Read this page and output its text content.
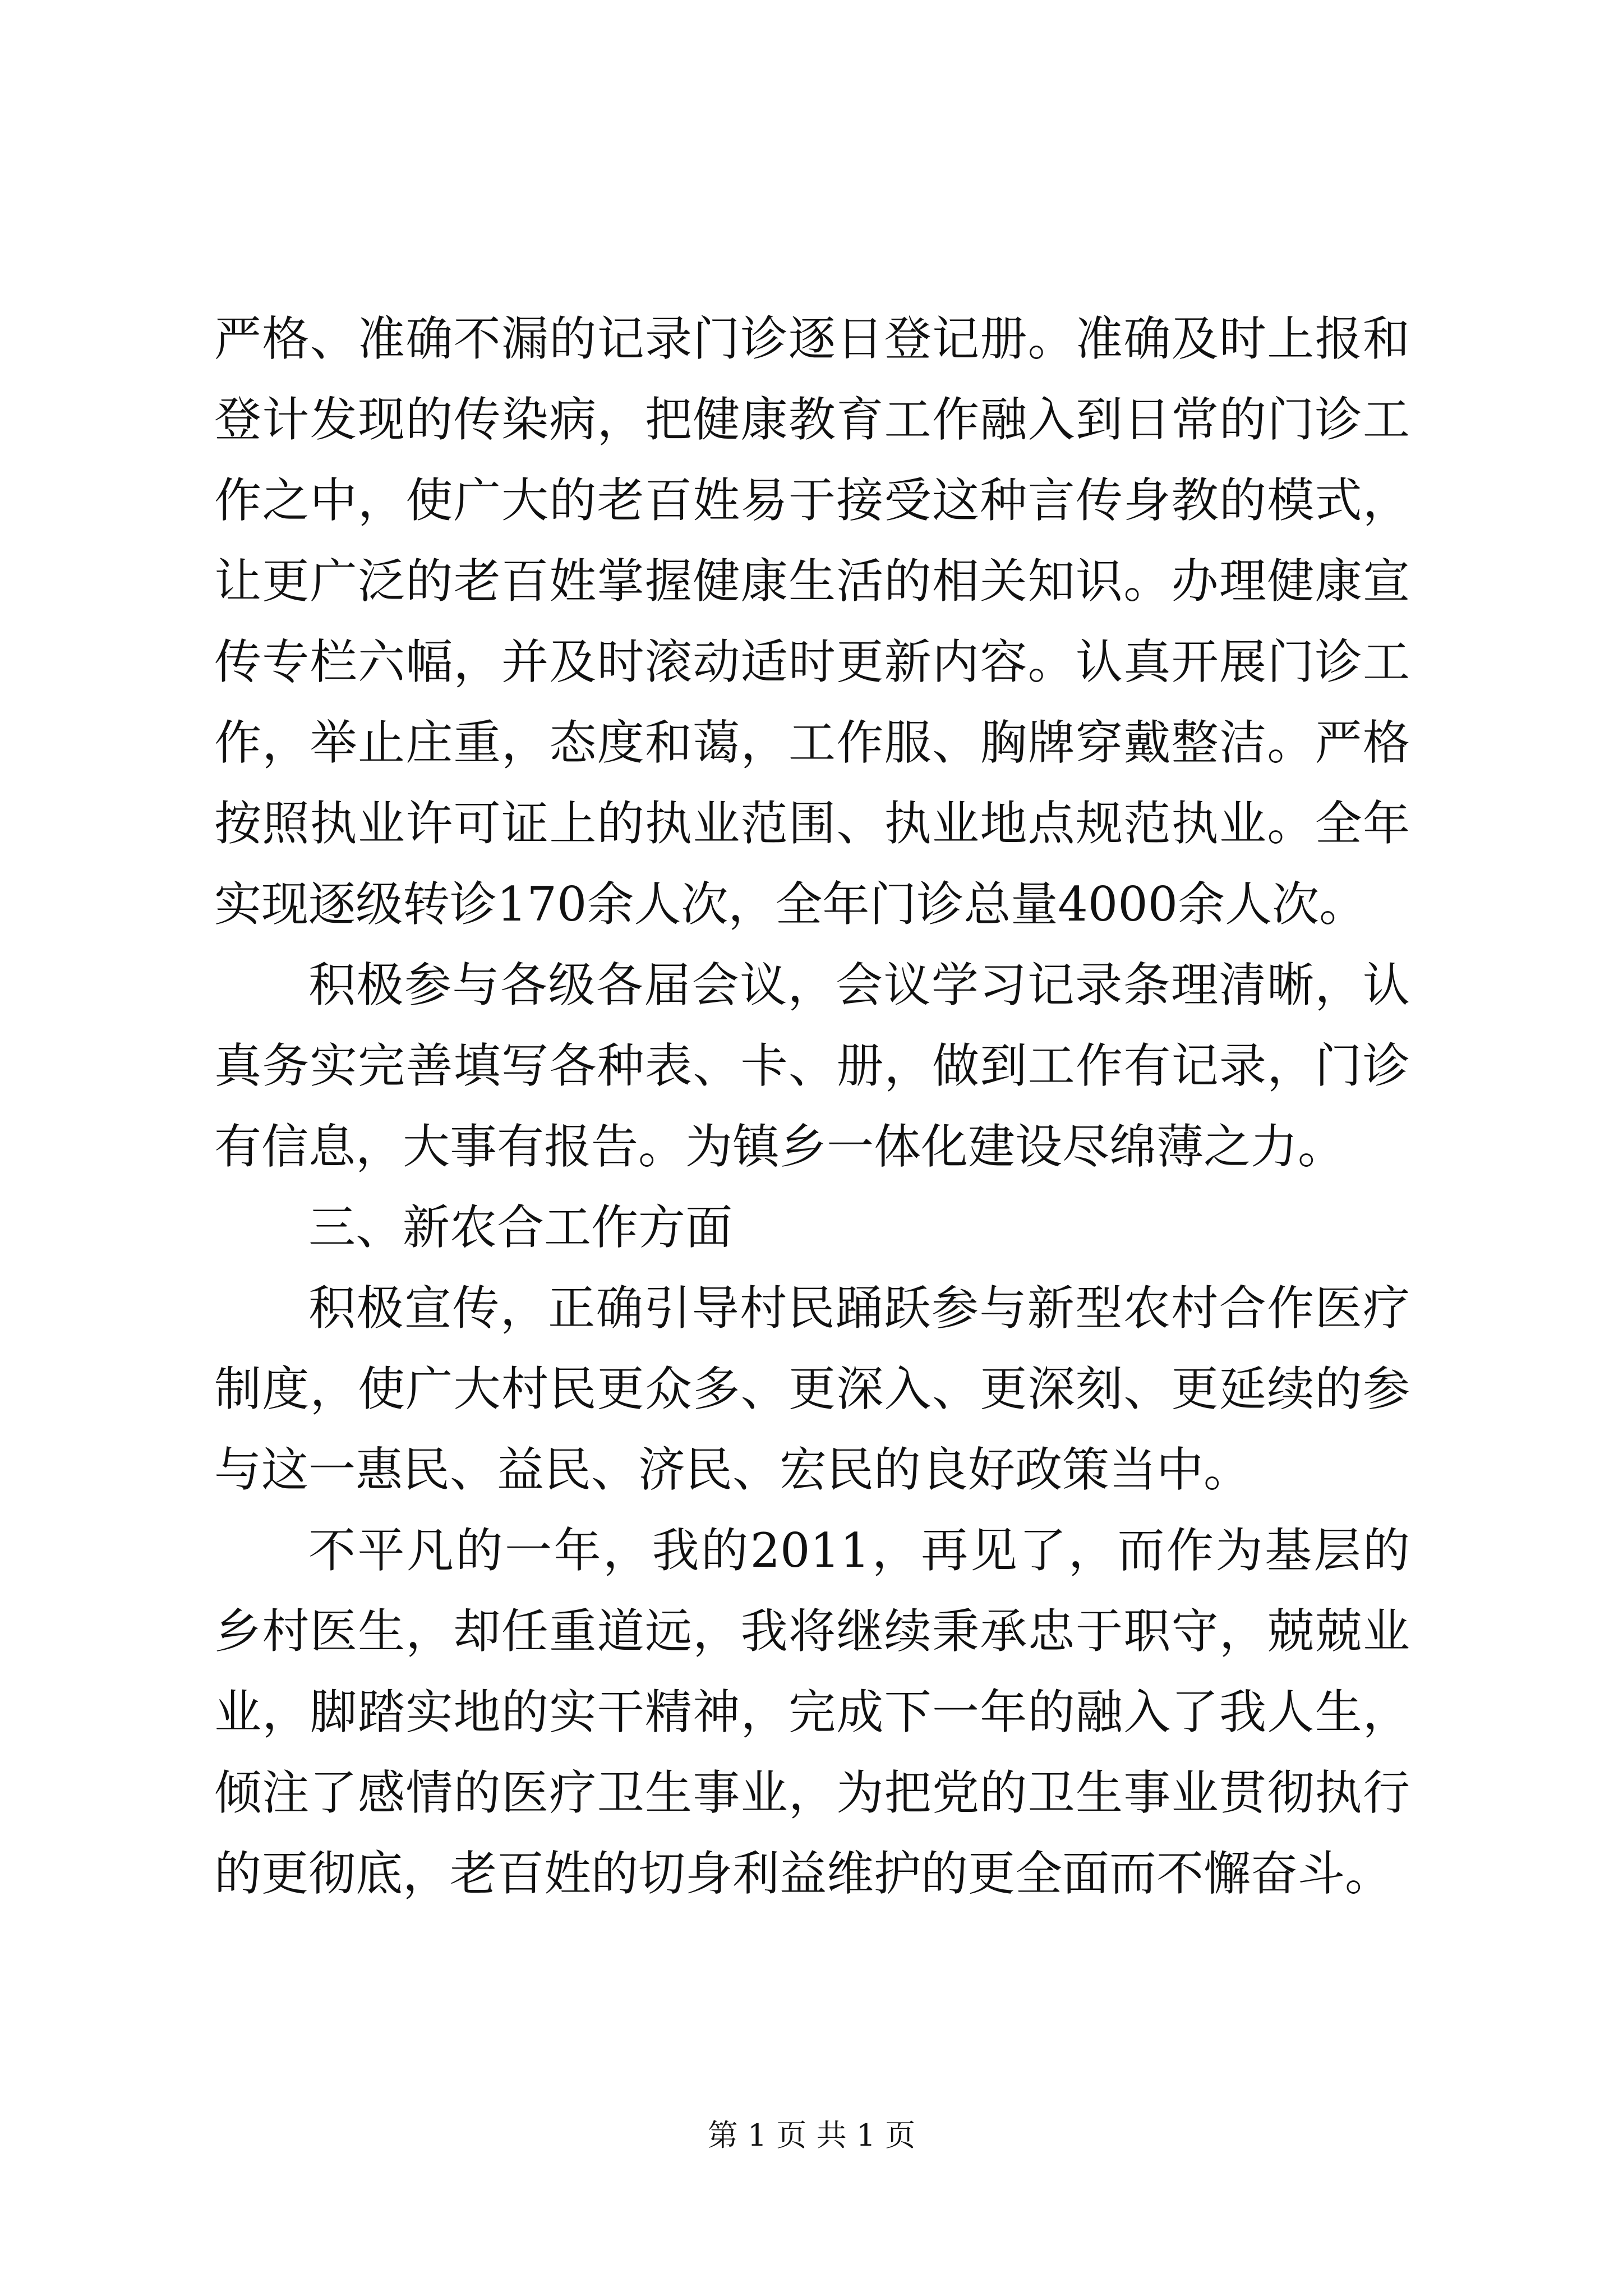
严格、准确不漏的记录门诊逐日登记册。准确及时上报和登计发现的传染病，把健康教育工作融入到日常的门诊工作之中，使广大的老百姓易于接受这种言传身教的模式，让更广泛的老百姓掌握健康生活的相关知识。办理健康宣传专栏六幅，并及时滚动适时更新内容。认真开展门诊工作，举止庄重，态度和蔼，工作服、胸牌穿戴整洁。严格按照执业许可证上的执业范围、执业地点规范执业。全年实现逐级转诊170余人次，全年门诊总量4000余人次。

积极参与各级各届会议，会议学习记录条理清晰，认真务实完善填写各种表、卡、册，做到工作有记录，门诊有信息，大事有报告。为镇乡一体化建设尽绵薄之力。

三、新农合工作方面

积极宣传，正确引导村民踊跃参与新型农村合作医疗制度，使广大村民更众多、更深入、更深刻、更延续的参与这一惠民、益民、济民、宏民的良好政策当中。

不平凡的一年，我的2011，再见了，而作为基层的乡村医生，却任重道远，我将继续秉承忠于职守，兢兢业业，脚踏实地的实干精神，完成下一年的融入了我人生，倾注了感情的医疗卫生事业，为把党的卫生事业贯彻执行的更彻底，老百姓的切身利益维护的更全面而不懈奋斗。

第 1 页 共 1 页
